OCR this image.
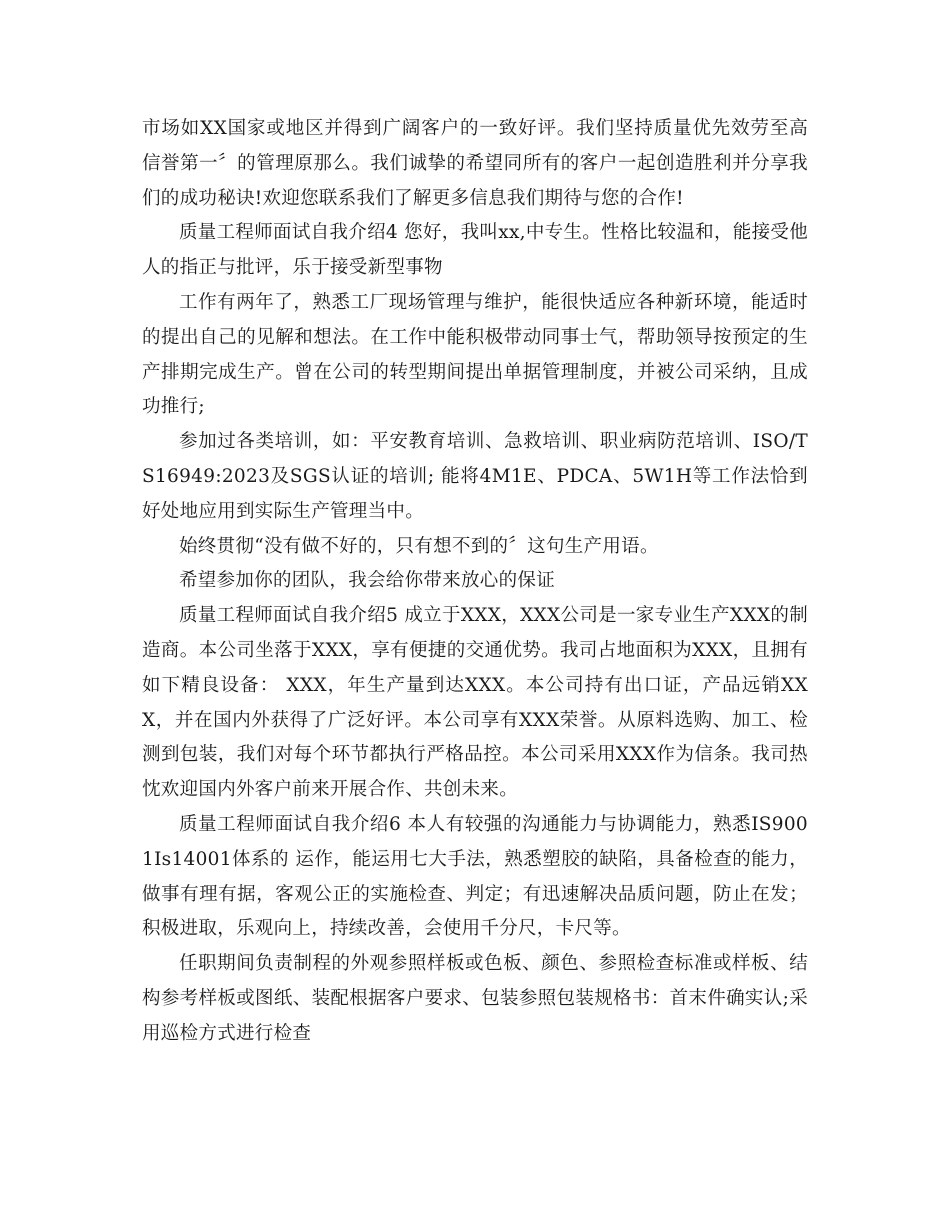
市场如XX国家或地区并得到广阔客户的一致好评。我们坚持质量优先效劳至高信誉第一〞的管理原那么。我们诚挚的希望同所有的客户一起创造胜利并分享我们的成功秘诀!欢迎您联系我们了解更多信息我们期待与您的合作!

质量工程师面试自我介绍4 您好，我叫xx,中专生。性格比较温和，能接受他人的指正与批评，乐于接受新型事物

工作有两年了，熟悉工厂现场管理与维护，能很快适应各种新环境，能适时的提出自己的见解和想法。在工作中能积极带动同事士气，帮助领导按预定的生产排期完成生产。曾在公司的转型期间提出单据管理制度，并被公司采纳，且成功推行;

参加过各类培训，如：平安教育培训、急救培训、职业病防范培训、ISO/TS16949:2023及SGS认证的培训; 能将4M1E、PDCA、5W1H等工作法恰到好处地应用到实际生产管理当中。

始终贯彻“没有做不好的，只有想不到的〞这句生产用语。

希望参加你的团队，我会给你带来放心的保证

质量工程师面试自我介绍5 成立于XXX，XXX公司是一家专业生产XXX的制造商。本公司坐落于XXX，享有便捷的交通优势。我司占地面积为XXX，且拥有如下精良设备： XXX，年生产量到达XXX。本公司持有出口证，产品远销XXX，并在国内外获得了广泛好评。本公司享有XXX荣誉。从原料选购、加工、检测到包装，我们对每个环节都执行严格品控。本公司采用XXX作为信条。我司热忱欢迎国内外客户前来开展合作、共创未来。

质量工程师面试自我介绍6 本人有较强的沟通能力与协调能力，熟悉IS9001Is14001体系的 运作，能运用七大手法，熟悉塑胶的缺陷，具备检查的能力，做事有理有据，客观公正的实施检查、判定；有迅速解决品质问题，防止在发；积极进取，乐观向上，持续改善，会使用千分尺，卡尺等。

任职期间负责制程的外观参照样板或色板、颜色、参照检查标准或样板、结构参考样板或图纸、装配根据客户要求、包装参照包装规格书：首末件确实认;采用巡检方式进行检查
